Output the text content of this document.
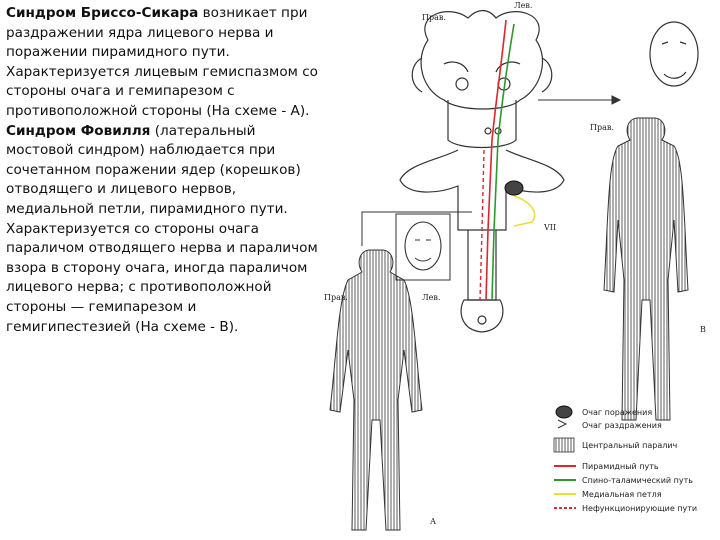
Синдром Бриссо-Сикара возникает при раздражении ядра лицевого нерва и поражении пирамидного пути. Характеризуется лицевым гемиспазмом со стороны очага и гемипарезом с противоположной стороны (На схеме - А).

Синдром Фовилля (латеральный мостовой синдром) наблюдается при сочетанном поражении ядер (корешков) отводящего и лицевого нервов, медиальной петли, пирамидного пути. Характеризуется со стороны очага параличом отводящего нерва и параличом взора в сторону очага, иногда параличом лицевого нерва; с противоположной стороны — гемипарезом и гемигипестезией (На схеме - В).

Прав.
Лев.
VII
Прав.
В
Прав.	Лев.
А
Очаг поражения
Очаг раздражения
Центральный паралич
Пирамидный путь
Спино-таламический путь
Медиальная петля
Нефункционирующие пути
